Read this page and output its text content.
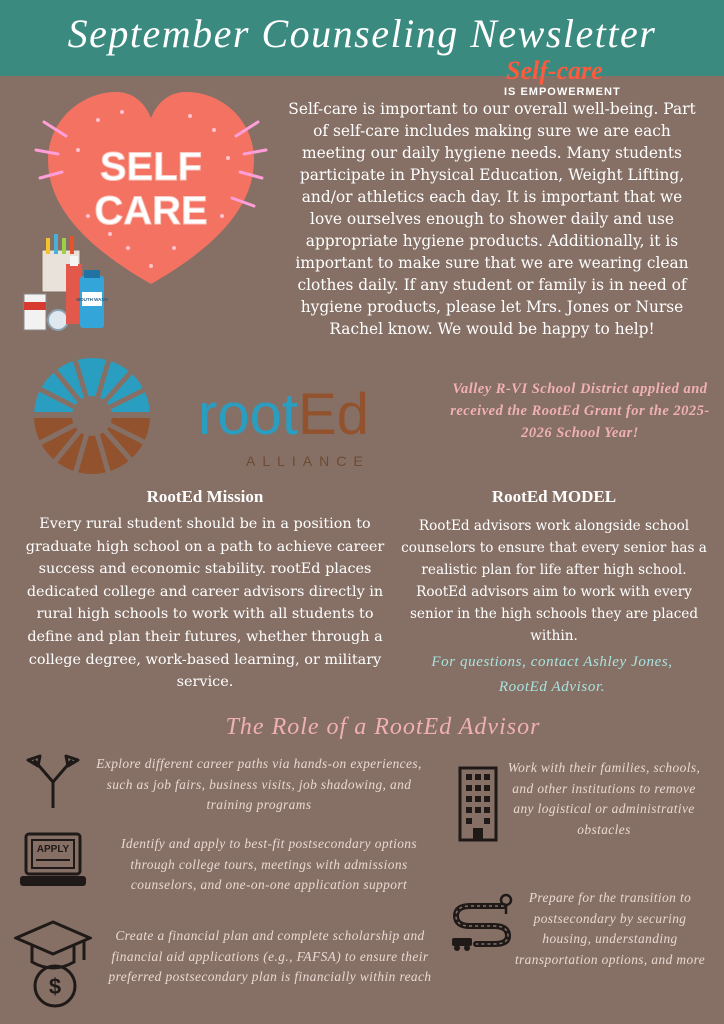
September Counseling Newsletter
Self-care
IS EMPOWERMENT
SELF
CARE
MOUTH WASH
Self-care is important to our overall well-being. Part of self-care includes making sure we are each meeting our daily hygiene needs. Many students participate in Physical Education, Weight Lifting, and/or athletics each day. It is important that we love ourselves enough to shower daily and use appropriate hygiene products. Additionally, it is important to make sure that we are wearing clean clothes daily. If any student or family is in need of hygiene products, please let Mrs. Jones or Nurse Rachel know. We would be happy to help!
rootEd
ALLIANCE
Valley R-VI School District applied and received the RootEd Grant for the 2025-2026 School Year!
RootEd Mission
Every rural student should be in a position to graduate high school on a path to achieve career success and economic stability. rootEd places dedicated college and career advisors directly in rural high schools to work with all students to define and plan their futures, whether through a college degree, work-based learning, or military service.
RootEd MODEL
RootEd advisors work alongside school counselors to ensure that every senior has a realistic plan for life after high school. RootEd advisors aim to work with every senior in the high schools they are placed within.
For questions, contact Ashley Jones, RootEd Advisor.
The Role of a RootEd Advisor
Explore different career paths via hands-on experiences, such as job fairs, business visits, job shadowing, and training programs
APPLY	Identify and apply to best-fit postsecondary options through college tours, meetings with admissions counselors, and one-on-one application support
$
Create a financial plan and complete scholarship and financial aid applications (e.g., FAFSA) to ensure their preferred postsecondary plan is financially within reach
Work with their families, schools, and other institutions to remove any logistical or administrative obstacles
Prepare for the transition to postsecondary by securing housing, understanding transportation options, and more
